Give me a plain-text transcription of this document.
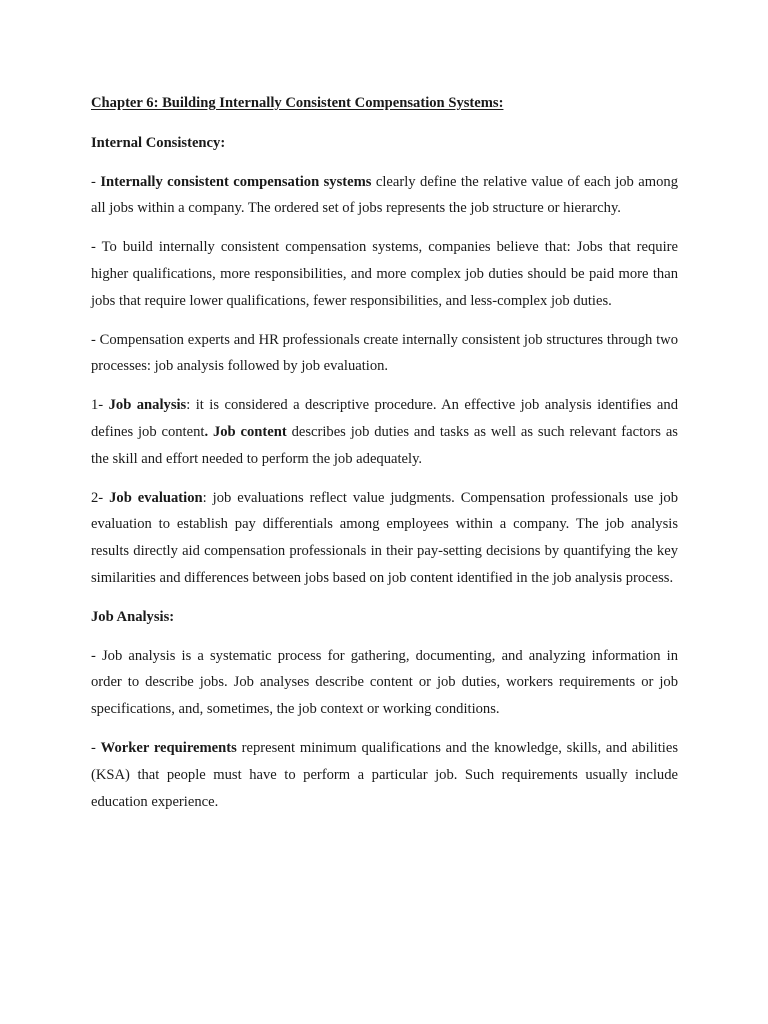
Chapter 6: Building Internally Consistent Compensation Systems:
Internal Consistency:

- Internally consistent compensation systems clearly define the relative value of each job among all jobs within a company. The ordered set of jobs represents the job structure or hierarchy.

- To build internally consistent compensation systems, companies believe that: Jobs that require higher qualifications, more responsibilities, and more complex job duties should be paid more than jobs that require lower qualifications, fewer responsibilities, and less-complex job duties.

- Compensation experts and HR professionals create internally consistent job structures through two processes: job analysis followed by job evaluation.

1- Job analysis: it is considered a descriptive procedure. An effective job analysis identifies and defines job content. Job content describes job duties and tasks as well as such relevant factors as the skill and effort needed to perform the job adequately.

2- Job evaluation: job evaluations reflect value judgments. Compensation professionals use job evaluation to establish pay differentials among employees within a company. The job analysis results directly aid compensation professionals in their pay-setting decisions by quantifying the key similarities and differences between jobs based on job content identified in the job analysis process.

Job Analysis:

- Job analysis is a systematic process for gathering, documenting, and analyzing information in order to describe jobs. Job analyses describe content or job duties, workers requirements or job specifications, and, sometimes, the job context or working conditions.

- Worker requirements represent minimum qualifications and the knowledge, skills, and abilities (KSA) that people must have to perform a particular job. Such requirements usually include education experience.
